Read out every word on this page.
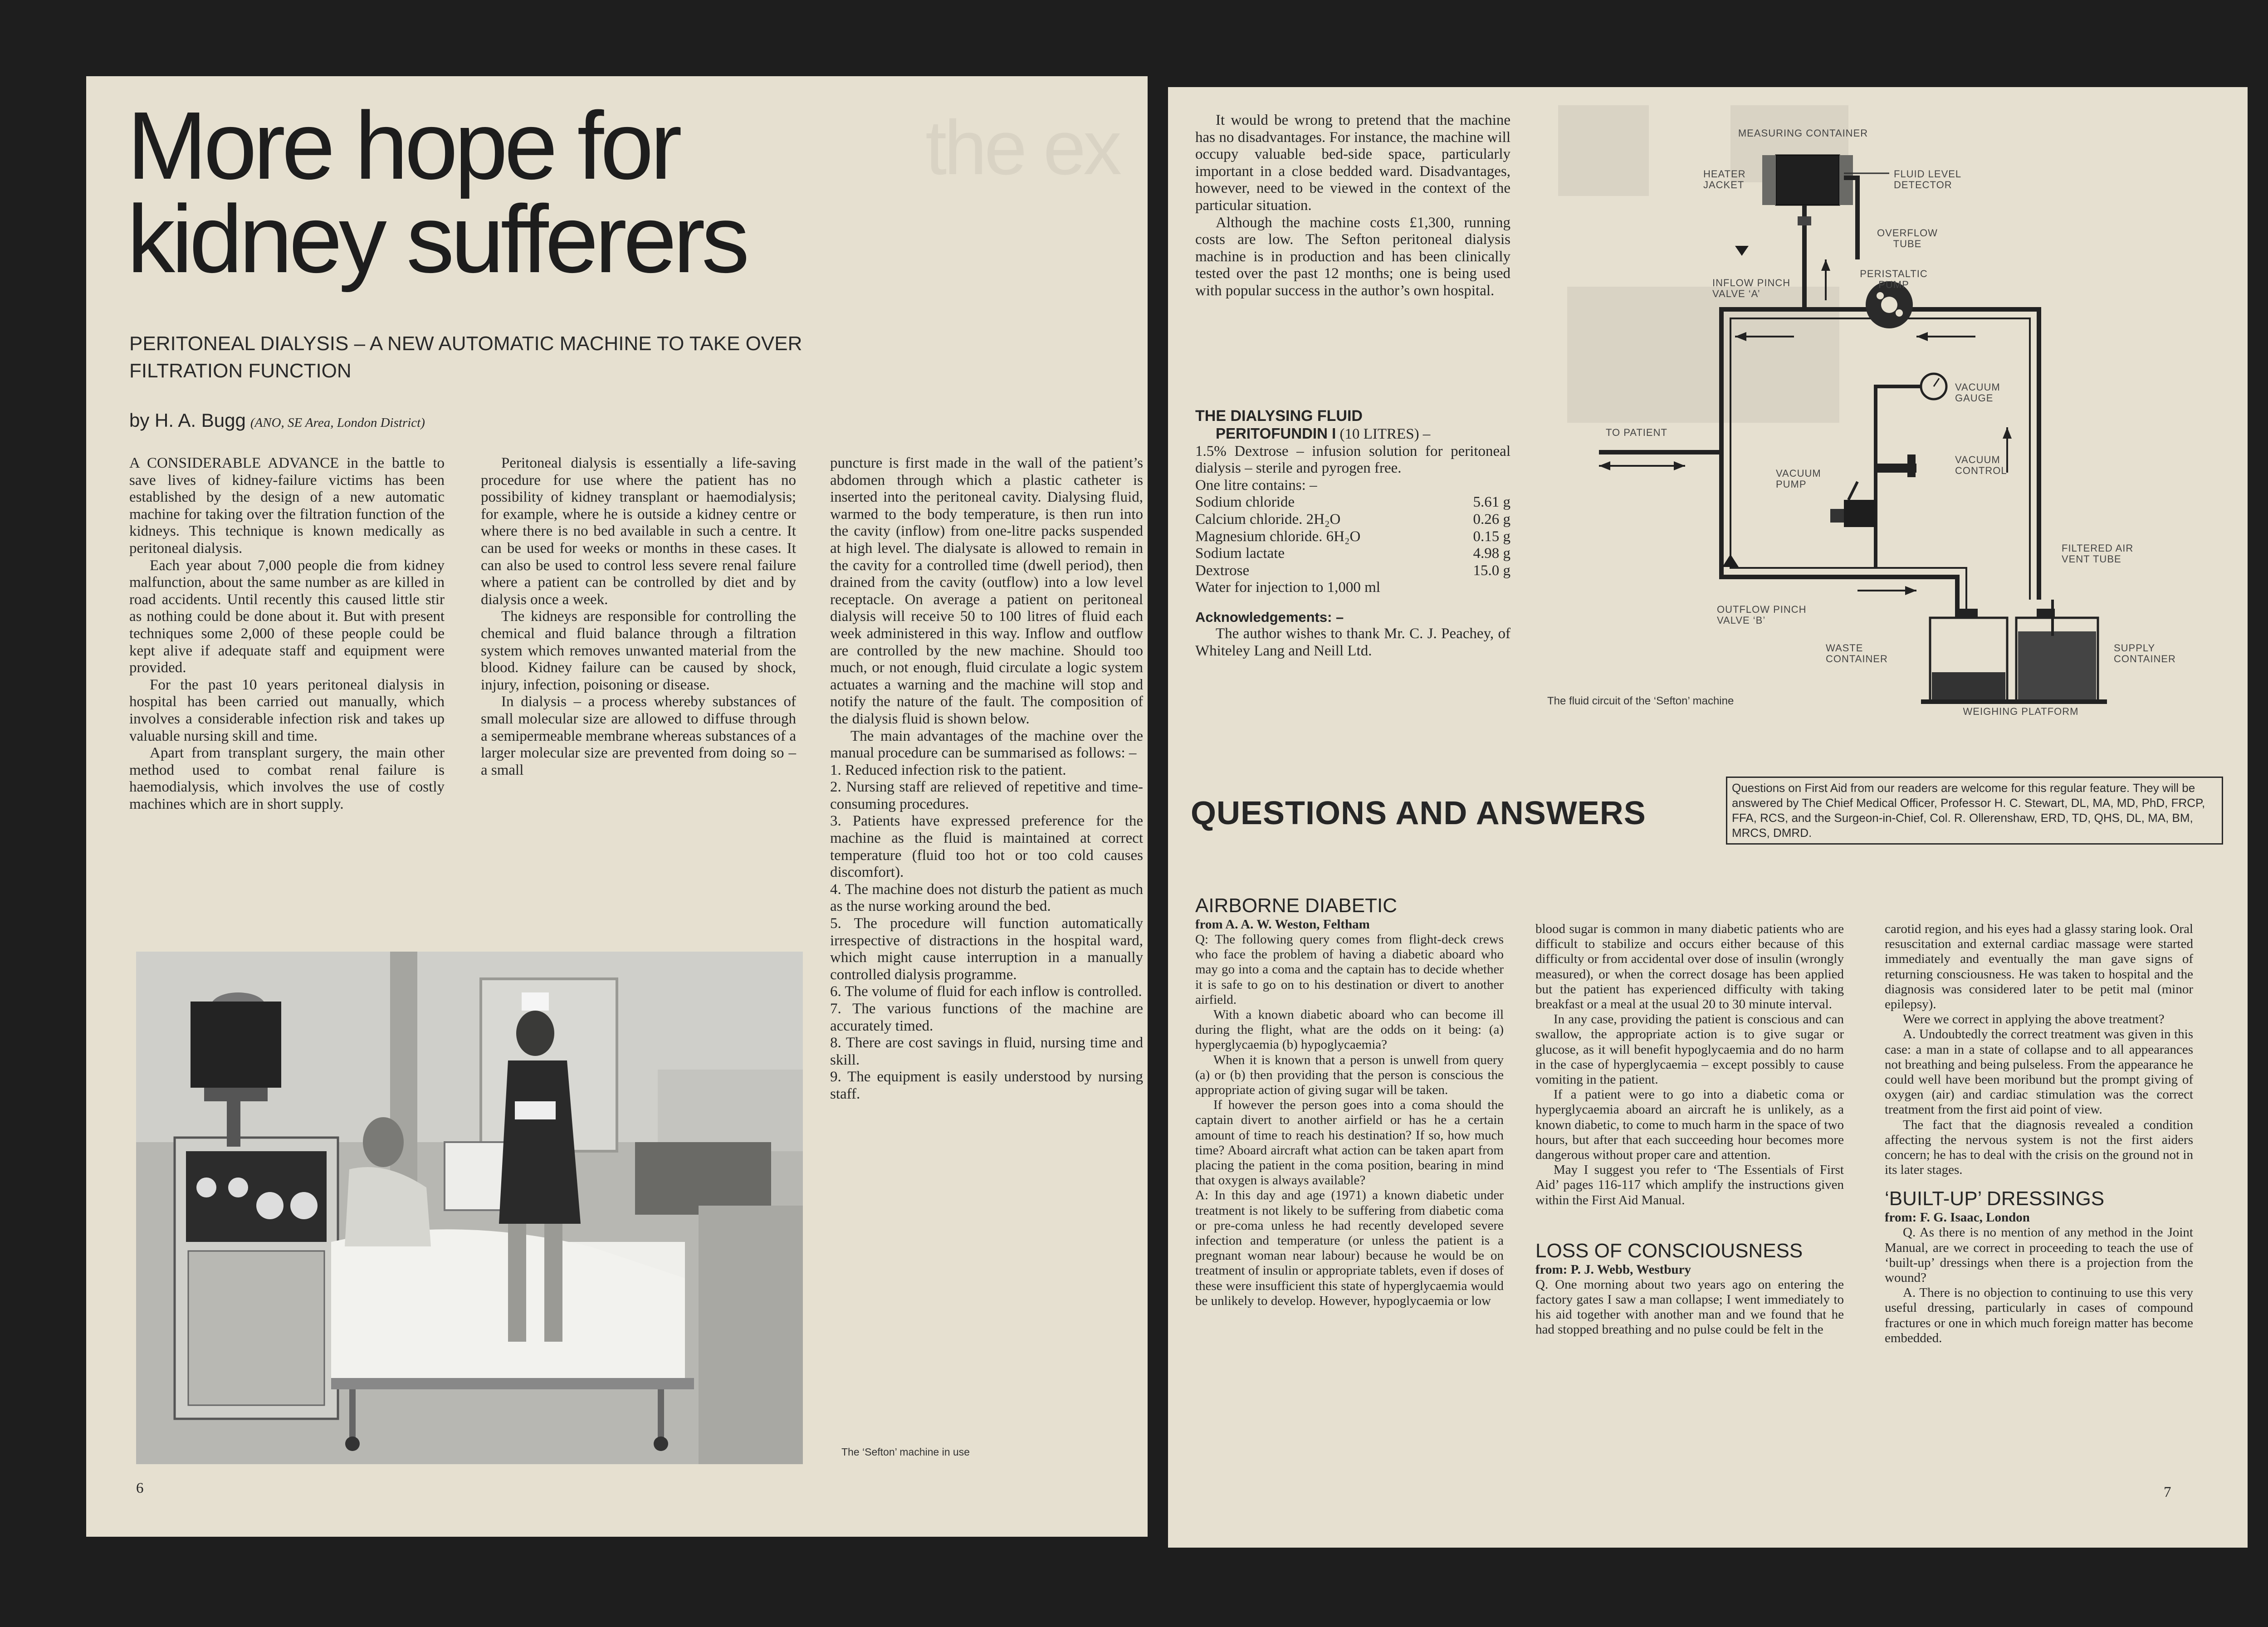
the ex
More hope for
kidney sufferers
PERITONEAL DIALYSIS – A NEW AUTOMATIC MACHINE TO TAKE OVER FILTRATION FUNCTION
by H. A. Bugg (ANO, SE Area, London District)

A CONSIDERABLE ADVANCE in the battle to save lives of kidney-failure victims has been established by the design of a new automatic machine for taking over the filtration function of the kidneys. This technique is known medically as peritoneal dialysis.

Each year about 7,000 people die from kidney malfunction, about the same number as are killed in road accidents. Until recently this caused little stir as nothing could be done about it. But with present techniques some 2,000 of these people could be kept alive if adequate staff and equipment were provided.

For the past 10 years peritoneal dialysis in hospital has been carried out manually, which involves a considerable infection risk and takes up valuable nursing skill and time.

Apart from transplant surgery, the main other method used to combat renal failure is haemodialysis, which involves the use of costly machines which are in short supply.

Peritoneal dialysis is essentially a life-saving procedure for use where the patient has no possibility of kidney transplant or haemodialysis; for example, where he is outside a kidney centre or where there is no bed available in such a centre. It can be used for weeks or months in these cases. It can also be used to control less severe renal failure where a patient can be controlled by diet and by dialysis once a week.

The kidneys are responsible for controlling the chemical and fluid balance through a filtration system which removes unwanted material from the blood. Kidney failure can be caused by shock, injury, infection, poisoning or disease.

In dialysis – a process whereby substances of small molecular size are allowed to diffuse through a semipermeable membrane whereas substances of a larger molecular size are prevented from doing so – a small

puncture is first made in the wall of the patient’s abdomen through which a plastic catheter is inserted into the peritoneal cavity. Dialysing fluid, warmed to the body temperature, is then run into the cavity (inflow) from one-litre packs suspended at high level. The dialysate is allowed to remain in the cavity for a controlled time (dwell period), then drained from the cavity (outflow) into a low level receptacle. On average a patient on peritoneal dialysis will receive 50 to 100 litres of fluid each week administered in this way. Inflow and outflow are controlled by the new machine. Should too much, or not enough, fluid circulate a logic system actuates a warning and the machine will stop and notify the nature of the fault. The composition of the dialysis fluid is shown below.

The main advantages of the machine over the manual procedure can be summarised as follows: –

1. Reduced infection risk to the patient.

2. Nursing staff are relieved of repetitive and time-consuming procedures.

3. Patients have expressed preference for the machine as the fluid is maintained at correct temperature (fluid too hot or too cold causes discomfort).

4. The machine does not disturb the patient as much as the nurse working around the bed.

5. The procedure will function automatically irrespective of distractions in the hospital ward, which might cause interruption in a manually controlled dialysis programme.

6. The volume of fluid for each inflow is controlled.

7. The various functions of the machine are accurately timed.

8. There are cost savings in fluid, nursing time and skill.

9. The equipment is easily understood by nursing staff.

The ‘Sefton’ machine in use
6

It would be wrong to pretend that the machine has no disadvantages. For instance, the machine will occupy valuable bed-side space, particularly important in a close bedded ward. Disadvantages, however, need to be viewed in the context of the particular situation.

Although the machine costs £1,300, running costs are low. The Sefton peritoneal dialysis machine is in production and has been clinically tested over the past 12 months; one is being used with popular success in the author’s own hospital.

THE DIALYSING FLUID
PERITOFUNDIN I (10 LITRES) –
1.5% Dextrose – infusion solution for peritoneal dialysis – sterile and pyrogen free.
One litre contains: –
Sodium chloride	5.61 g
Calcium chloride. 2H₂O	0.26 g
Magnesium chloride. 6H₂O	0.15 g
Sodium lactate	4.98 g
Dextrose	15.0 g
Water for injection to 1,000 ml
Acknowledgements: –
The author wishes to thank Mr. C. J. Peachey, of Whiteley Lang and Neill Ltd.
MEASURING CONTAINER
HEATER JACKET
FLUID LEVEL DETECTOR
OVERFLOW TUBE
PERISTALTIC PUMP
INFLOW PINCH VALVE ‘A’
TO PATIENT
VACUUM GAUGE
VACUUM CONTROL
VACUUM PUMP
FILTERED AIR VENT TUBE
OUTFLOW PINCH VALVE ‘B’
WASTE CONTAINER
SUPPLY CONTAINER
WEIGHING PLATFORM
The fluid circuit of the ‘Sefton’ machine
QUESTIONS AND ANSWERS
Questions on First Aid from our readers are welcome for this regular feature. They will be answered by The Chief Medical Officer, Professor H. C. Stewart, DL, MA, MD, PhD, FRCP, FFA, RCS, and the Surgeon-in-Chief, Col. R. Ollerenshaw, ERD, TD, QHS, DL, MA, BM, MRCS, DMRD.
AIRBORNE DIABETIC
from A. A. W. Weston, Feltham

Q: The following query comes from flight-deck crews who face the problem of having a diabetic aboard who may go into a coma and the captain has to decide whether it is safe to go on to his destination or divert to another airfield.

With a known diabetic aboard who can become ill during the flight, what are the odds on it being: (a) hyperglycaemia (b) hypoglycaemia?

When it is known that a person is unwell from query (a) or (b) then providing that the person is conscious the appropriate action of giving sugar will be taken.

If however the person goes into a coma should the captain divert to another airfield or has he a certain amount of time to reach his destination? If so, how much time? Aboard aircraft what action can be taken apart from placing the patient in the coma position, bearing in mind that oxygen is always available?

A: In this day and age (1971) a known diabetic under treatment is not likely to be suffering from diabetic coma or pre-coma unless he had recently developed severe infection and temperature (or unless the patient is a pregnant woman near labour) because he would be on treatment of insulin or appropriate tablets, even if doses of these were insufficient this state of hyperglycaemia would be unlikely to develop. However, hypoglycaemia or low

blood sugar is common in many diabetic patients who are difficult to stabilize and occurs either because of this difficulty or from accidental over dose of insulin (wrongly measured), or when the correct dosage has been applied but the patient has experienced difficulty with taking breakfast or a meal at the usual 20 to 30 minute interval.

In any case, providing the patient is conscious and can swallow, the appropriate action is to give sugar or glucose, as it will benefit hypoglycaemia and do no harm in the case of hyperglycaemia – except possibly to cause vomiting in the patient.

If a patient were to go into a diabetic coma or hyperglycaemia aboard an aircraft he is unlikely, as a known diabetic, to come to much harm in the space of two hours, but after that each succeeding hour becomes more dangerous without proper care and attention.

May I suggest you refer to ‘The Essentials of First Aid’ pages 116-117 which amplify the instructions given within the First Aid Manual.

LOSS OF CONSCIOUSNESS
from: P. J. Webb, Westbury
Q. One morning about two years ago on entering the factory gates I saw a man collapse; I went immediately to his aid together with another man and we found that he had stopped breathing and no pulse could be felt in the

carotid region, and his eyes had a glassy staring look. Oral resuscitation and external cardiac massage were started immediately and eventually the man gave signs of returning consciousness. He was taken to hospital and the diagnosis was considered later to be petit mal (minor epilepsy).

Were we correct in applying the above treatment?

A. Undoubtedly the correct treatment was given in this case: a man in a state of collapse and to all appearances not breathing and being pulseless. From the appearance he could well have been moribund but the prompt giving of oxygen (air) and cardiac stimulation was the correct treatment from the first aid point of view.

The fact that the diagnosis revealed a condition affecting the nervous system is not the first aiders concern; he has to deal with the crisis on the ground not in its later stages.

‘BUILT-UP’ DRESSINGS
from: F. G. Isaac, London

Q. As there is no mention of any method in the Joint Manual, are we correct in proceeding to teach the use of ‘built-up’ dressings when there is a projection from the wound?

A. There is no objection to continuing to use this very useful dressing, particularly in cases of compound fractures or one in which much foreign matter has become embedded.

7
